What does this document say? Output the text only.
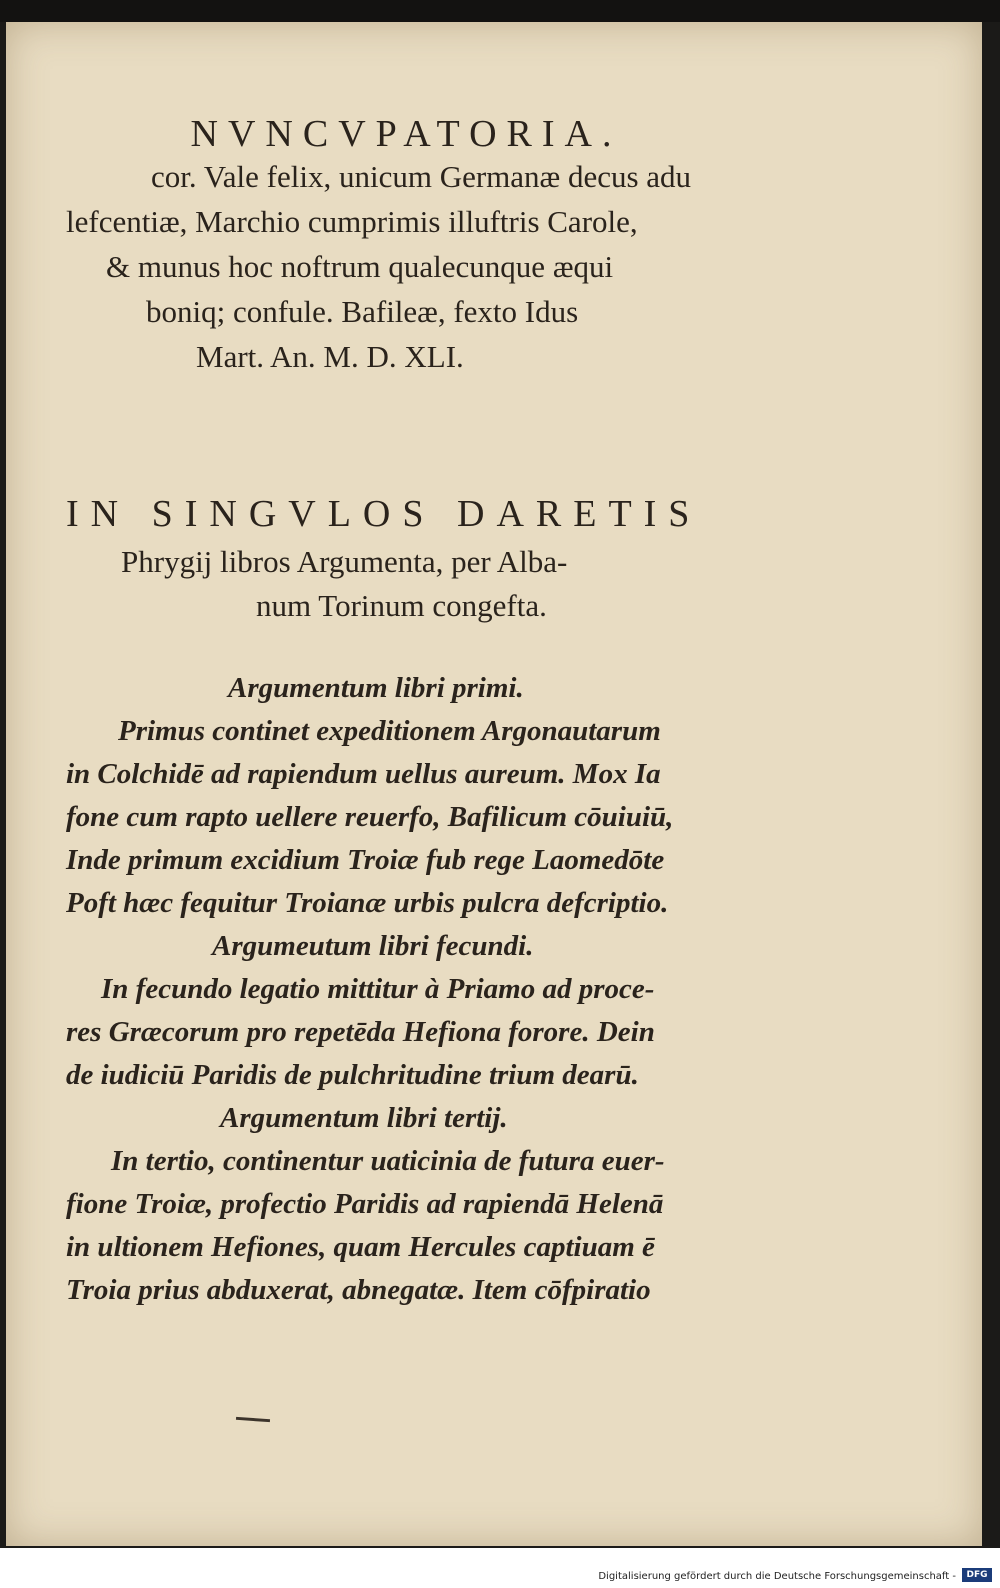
NVNCVPATORIA.
cor. Vale felix, unicum Germanæ decus adu
lefcentiæ, Marchio cumprimis illuftris Carole,
& munus hoc noftrum qualecunque æqui
boniq; confule. Bafileæ, fexto Idus
Mart. An. M. D. XLI.
IN SINGVLOS DARETIS
Phrygij libros Argumenta, per Alba-
num Torinum congefta.
Argumentum libri primi.
Primus continet expeditionem Argonautarum
in Colchidē ad rapiendum uellus aureum. Mox Ia
fone cum rapto uellere reuerfo, Bafilicum cōuiuiū,
Inde primum excidium Troiæ fub rege Laomedōte
Poft hæc fequitur Troianæ urbis pulcra defcriptio.
Argumeutum libri fecundi.
In fecundo legatio mittitur à Priamo ad proce-
res Græcorum pro repetēda Hefiona forore. Dein
de iudiciū Paridis de pulchritudine trium dearū.
Argumentum libri tertij.
In tertio, continentur uaticinia de futura euer-
fione Troiæ, profectio Paridis ad rapiendā Helenā
in ultionem Hefiones, quam Hercules captiuam ē
Troia prius abduxerat, abnegatæ. Item cōfpiratio
Digitalisierung gefördert durch die Deutsche Forschungsgemeinschaft -	DFG
